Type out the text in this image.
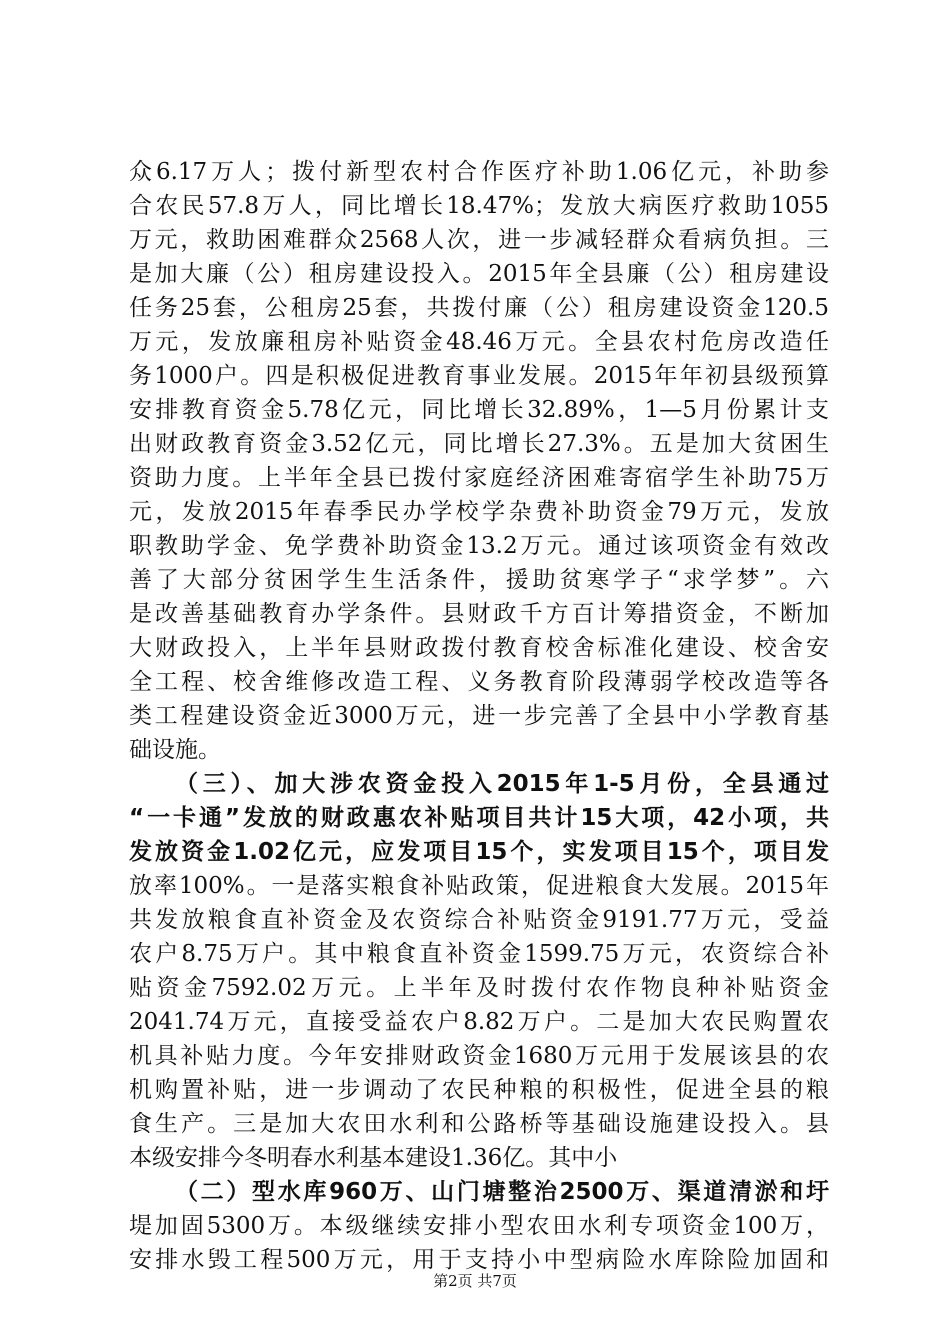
众6.17万人；拨付新型农村合作医疗补助1.06亿元，补助参
合农民57.8万人，同比增长18.47%；发放大病医疗救助1055
万元，救助困难群众2568人次，进一步减轻群众看病负担。三
是加大廉（公）租房建设投入。2015年全县廉（公）租房建设
任务25套，公租房25套，共拨付廉（公）租房建设资金120.5
万元，发放廉租房补贴资金48.46万元。全县农村危房改造任
务1000户。四是积极促进教育事业发展。2015年年初县级预算
安排教育资金5.78亿元，同比增长32.89%，1—5月份累计支
出财政教育资金3.52亿元，同比增长27.3%。五是加大贫困生
资助力度。上半年全县已拨付家庭经济困难寄宿学生补助75万
元，发放2015年春季民办学校学杂费补助资金79万元，发放
职教助学金、免学费补助资金13.2万元。通过该项资金有效改
善了大部分贫困学生生活条件，援助贫寒学子“求学梦”。六
是改善基础教育办学条件。县财政千方百计筹措资金，不断加
大财政投入，上半年县财政拨付教育校舍标准化建设、校舍安
全工程、校舍维修改造工程、义务教育阶段薄弱学校改造等各
类工程建设资金近3000万元，进一步完善了全县中小学教育基
础设施。
（三）、加大涉农资金投入2015年1-5月份，全县通过
“一卡通”发放的财政惠农补贴项目共计15大项，42小项，共
发放资金1.02亿元，应发项目15个，实发项目15个，项目发
放率100%。一是落实粮食补贴政策，促进粮食大发展。2015年
共发放粮食直补资金及农资综合补贴资金9191.77万元，受益
农户8.75万户。其中粮食直补资金1599.75万元，农资综合补
贴资金7592.02万元。上半年及时拨付农作物良种补贴资金
2041.74万元，直接受益农户8.82万户。二是加大农民购置农
机具补贴力度。今年安排财政资金1680万元用于发展该县的农
机购置补贴，进一步调动了农民种粮的积极性，促进全县的粮
食生产。三是加大农田水利和公路桥等基础设施建设投入。县
本级安排今冬明春水利基本建设1.36亿。其中小
（二）型水库960万、山门塘整治2500万、渠道清淤和圩
堤加固5300万。本级继续安排小型农田水利专项资金100万，
安排水毁工程500万元，用于支持小中型病险水库除险加固和
第2页 共7页
